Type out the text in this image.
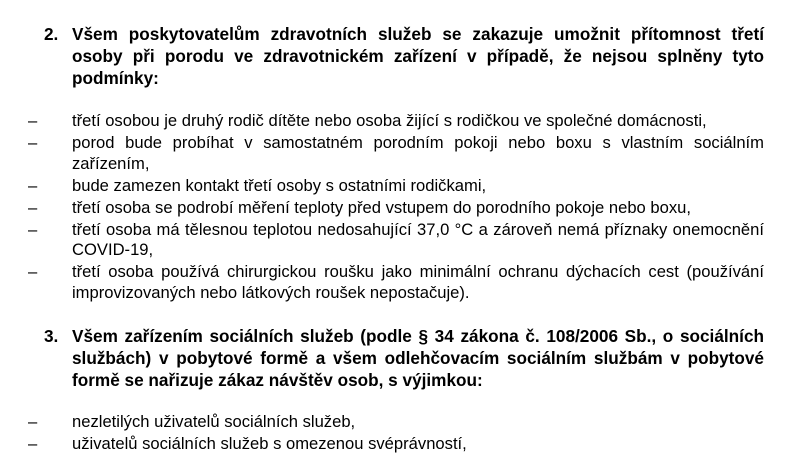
2. Všem poskytovatelům zdravotních služeb se zakazuje umožnit přítomnost třetí osoby při porodu ve zdravotnickém zařízení v případě, že nejsou splněny tyto podmínky:
– třetí osobou je druhý rodič dítěte nebo osoba žijící s rodičkou ve společné domácnosti,
– porod bude probíhat v samostatném porodním pokoji nebo boxu s vlastním sociálním zařízením,
– bude zamezen kontakt třetí osoby s ostatními rodičkami,
– třetí osoba se podrobí měření teploty před vstupem do porodního pokoje nebo boxu,
– třetí osoba má tělesnou teplotou nedosahující 37,0 °C a zároveň nemá příznaky onemocnění COVID-19,
– třetí osoba používá chirurgickou roušku jako minimální ochranu dýchacích cest (používání improvizovaných nebo látkových roušek nepostačuje).
3. Všem zařízením sociálních služeb (podle § 34 zákona č. 108/2006 Sb., o sociálních službách) v pobytové formě a všem odlehčovacím sociálním službám v pobytové formě se nařizuje zákaz návštěv osob, s výjimkou:
– nezletilých uživatelů sociálních služeb,
– uživatelů sociálních služeb s omezenou svéprávností,
